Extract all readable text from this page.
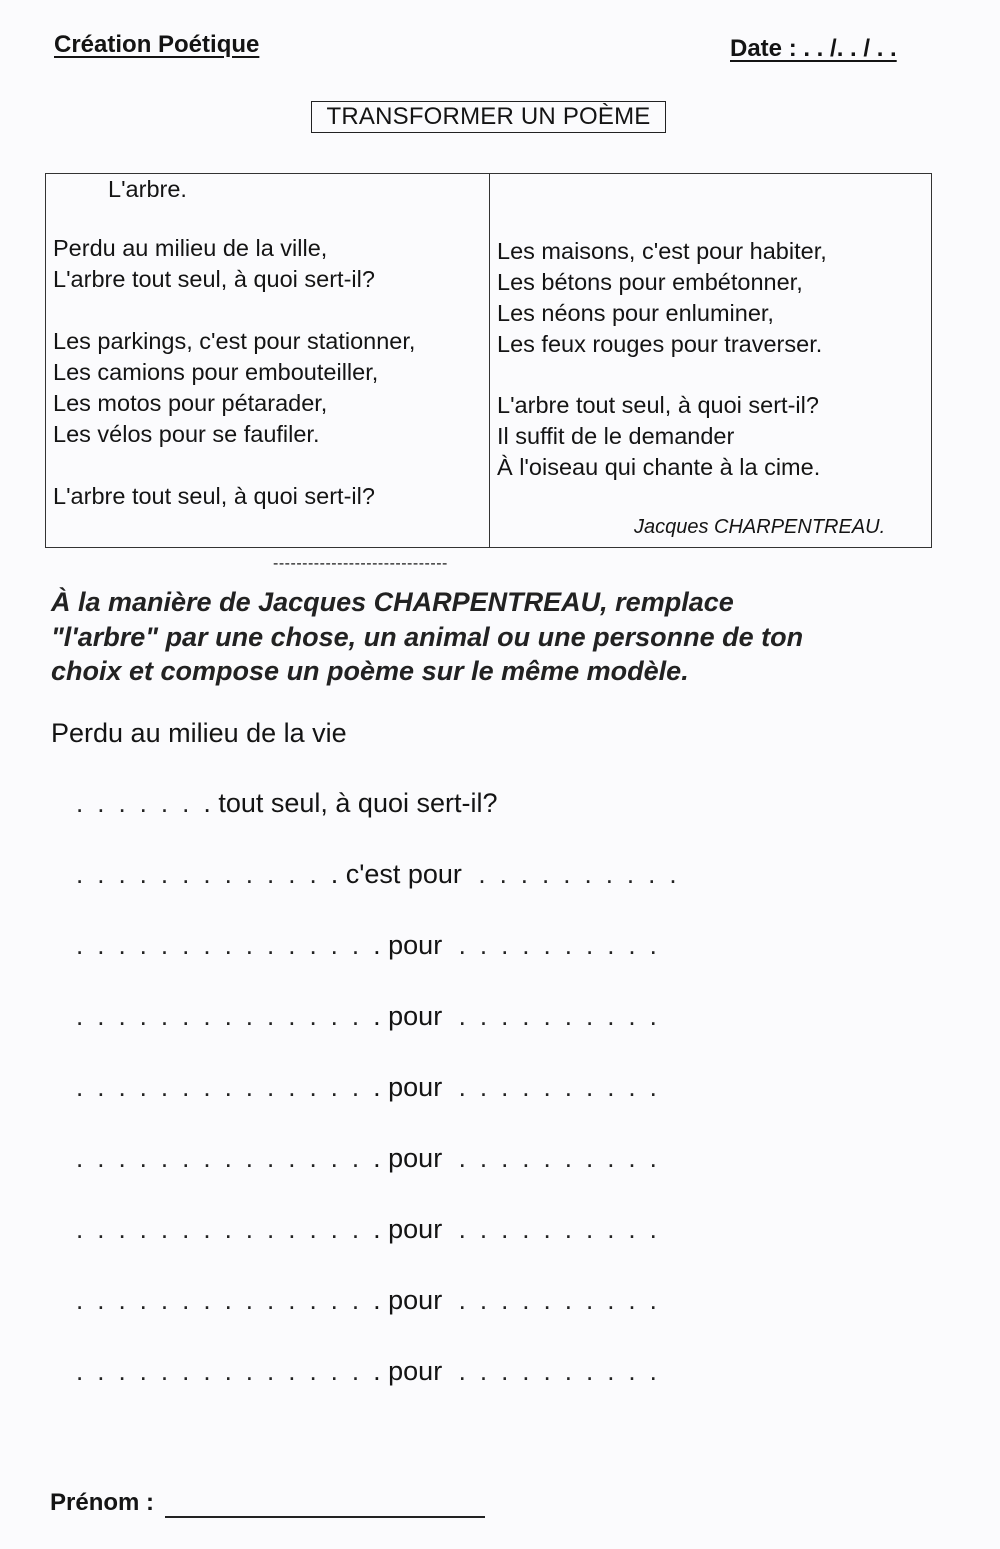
Création Poétique	Date : . . /. . / . .
TRANSFORMER UN POÈME
L'arbre.
Perdu au milieu de la ville,
L'arbre tout seul, à quoi sert-il?
Les parkings, c'est pour stationner,
Les camions pour embouteiller,
Les motos pour pétarader,
Les vélos pour se faufiler.
L'arbre tout seul, à quoi sert-il?
Les maisons, c'est pour habiter,
Les bétons pour embétonner,
Les néons pour enluminer,
Les feux rouges pour traverser.
L'arbre tout seul, à quoi sert-il?
Il suffit de le demander
À l'oiseau qui chante à la cime.
Jacques CHARPENTREAU.
------------------------------
À la manière de Jacques CHARPENTREAU, remplace
"l'arbre" par une chose, un animal ou une personne de ton
choix et compose un poème sur le même modèle.
Perdu au milieu de la vie
....... tout seul, à quoi sert-il?
............. c'est pour ..........
............... pour ..........
............... pour ..........
............... pour ..........
............... pour ..........
............... pour ..........
............... pour ..........
............... pour ..........
Prénom :
